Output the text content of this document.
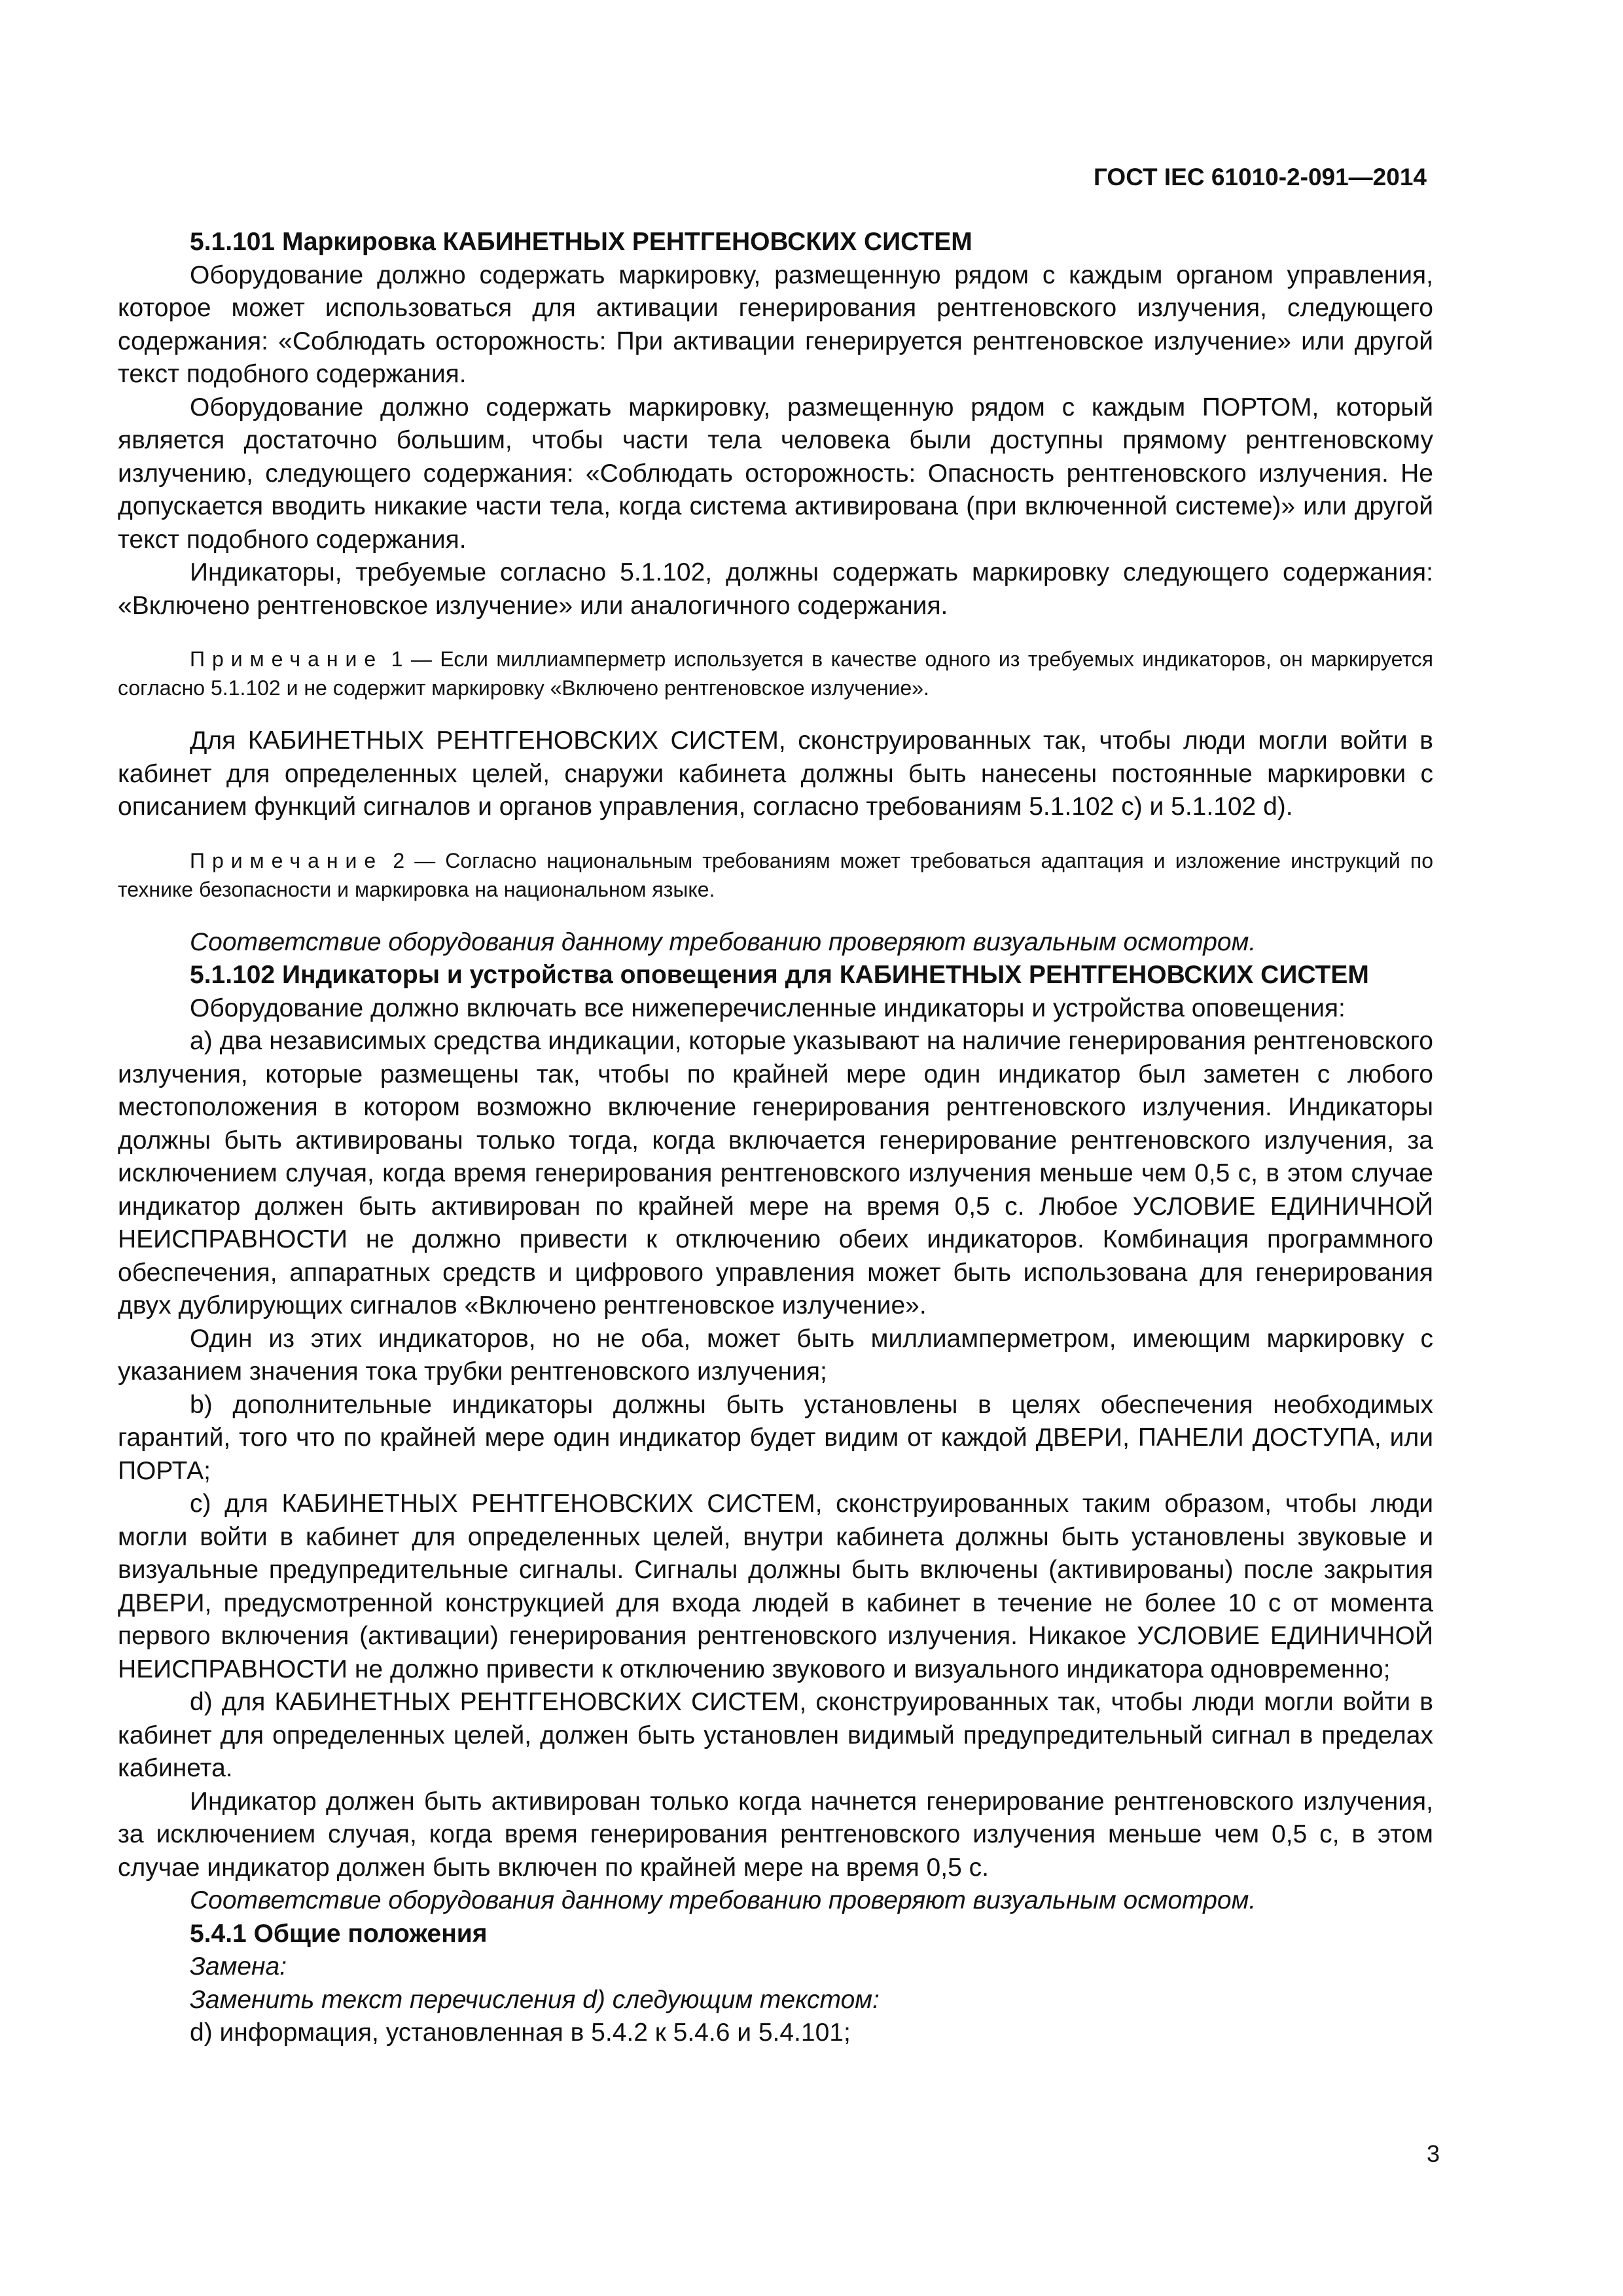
ГОСТ IEC 61010-2-091—2014

5.1.101 Маркировка КАБИНЕТНЫХ РЕНТГЕНОВСКИХ СИСТЕМ

Оборудование должно содержать маркировку, размещенную рядом с каждым органом управления, которое может использоваться для активации генерирования рентгеновского излучения, следующего содержания: «Соблюдать осторожность: При активации генерируется рентгеновское излучение» или другой текст подобного содержания.

Оборудование должно содержать маркировку, размещенную рядом с каждым ПОРТОМ, который является достаточно большим, чтобы части тела человека были доступны прямому рентгеновскому излучению, следующего содержания: «Соблюдать осторожность: Опасность рентгеновского излучения. Не допускается вводить никакие части тела, когда система активирована (при включенной системе)» или другой текст подобного содержания.

Индикаторы, требуемые согласно 5.1.102, должны содержать маркировку следующего содержания: «Включено рентгеновское излучение» или аналогичного содержания.

Примечание 1 — Если миллиамперметр используется в качестве одного из требуемых индикаторов, он маркируется согласно 5.1.102 и не содержит маркировку «Включено рентгеновское излучение».

Для КАБИНЕТНЫХ РЕНТГЕНОВСКИХ СИСТЕМ, сконструированных так, чтобы люди могли войти в кабинет для определенных целей, снаружи кабинета должны быть нанесены постоянные маркировки с описанием функций сигналов и органов управления, согласно требованиям 5.1.102 с) и 5.1.102 d).

Примечание 2 — Согласно национальным требованиям может требоваться адаптация и изложение инструкций по технике безопасности и маркировка на национальном языке.

Соответствие оборудования данному требованию проверяют визуальным осмотром.

5.1.102 Индикаторы и устройства оповещения для КАБИНЕТНЫХ РЕНТГЕНОВСКИХ СИСТЕМ

Оборудование должно включать все нижеперечисленные индикаторы и устройства оповещения:

а) два независимых средства индикации, которые указывают на наличие генерирования рентгеновского излучения, которые размещены так, чтобы по крайней мере один индикатор был заметен с любого местоположения в котором возможно включение генерирования рентгеновского излучения. Индикаторы должны быть активированы только тогда, когда включается генерирование рентгеновского излучения, за исключением случая, когда время генерирования рентгеновского излучения меньше чем 0,5 с, в этом случае индикатор должен быть активирован по крайней мере на время 0,5 с. Любое УСЛОВИЕ ЕДИНИЧНОЙ НЕИСПРАВНОСТИ не должно привести к отключению обеих индикаторов. Комбинация программного обеспечения, аппаратных средств и цифрового управления может быть использована для генерирования двух дублирующих сигналов «Включено рентгеновское излучение».

Один из этих индикаторов, но не оба, может быть миллиамперметром, имеющим маркировку с указанием значения тока трубки рентгеновского излучения;

b) дополнительные индикаторы должны быть установлены в целях обеспечения необходимых гарантий, того что по крайней мере один индикатор будет видим от каждой ДВЕРИ, ПАНЕЛИ ДОСТУПА, или ПОРТА;

с) для КАБИНЕТНЫХ РЕНТГЕНОВСКИХ СИСТЕМ, сконструированных таким образом, чтобы люди могли войти в кабинет для определенных целей, внутри кабинета должны быть установлены звуковые и визуальные предупредительные сигналы. Сигналы должны быть включены (активированы) после закрытия ДВЕРИ, предусмотренной конструкцией для входа людей в кабинет в течение не более 10 с от момента первого включения (активации) генерирования рентгеновского излучения. Никакое УСЛОВИЕ ЕДИНИЧНОЙ НЕИСПРАВНОСТИ не должно привести к отключению звукового и визуального индикатора одновременно;

d) для КАБИНЕТНЫХ РЕНТГЕНОВСКИХ СИСТЕМ, сконструированных так, чтобы люди могли войти в кабинет для определенных целей, должен быть установлен видимый предупредительный сигнал в пределах кабинета.

Индикатор должен быть активирован только когда начнется генерирование рентгеновского излучения, за исключением случая, когда время генерирования рентгеновского излучения меньше чем 0,5 с, в этом случае индикатор должен быть включен по крайней мере на время 0,5 с.

Соответствие оборудования данному требованию проверяют визуальным осмотром.

5.4.1 Общие положения

Замена:

Заменить текст перечисления d) следующим текстом:

d) информация, установленная в 5.4.2 к 5.4.6 и 5.4.101;

3
